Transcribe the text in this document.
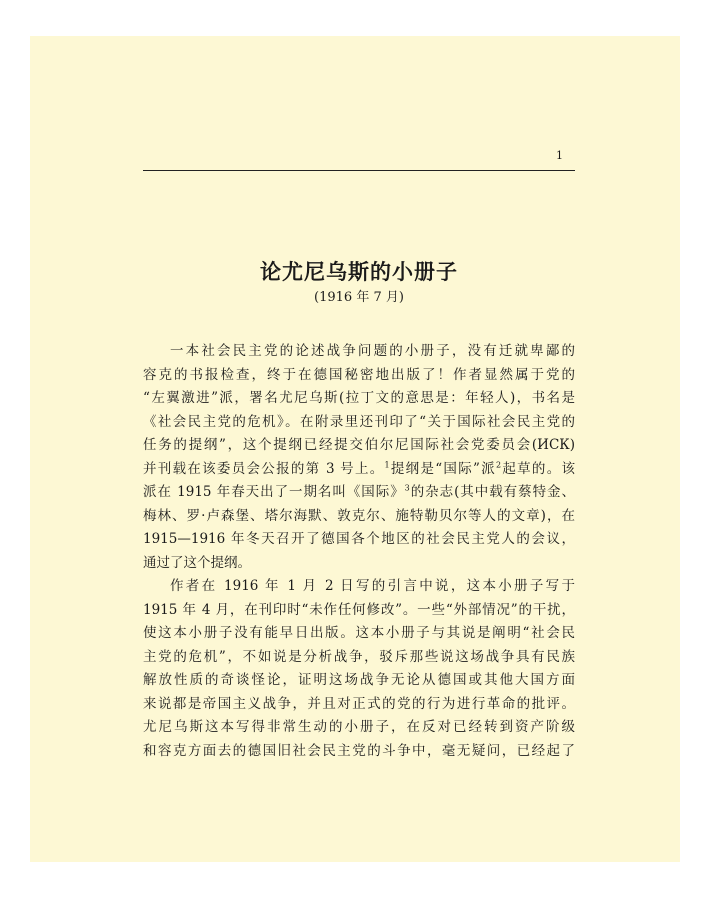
1
论尤尼乌斯的小册子
(1916 年 7 月)
一本社会民主党的论述战争问题的小册子，没有迁就卑鄙的
容克的书报检查，终于在德国秘密地出版了！作者显然属于党的
“左翼激进”派，署名尤尼乌斯(拉丁文的意思是：年轻人)，书名是
《社会民主党的危机》。在附录里还刊印了“关于国际社会民主党的
任务的提纲”，这个提纲已经提交伯尔尼国际社会党委员会(ИСК)
并刊载在该委员会公报的第 3 号上。$^1$提纲是“国际”派$^2$起草的。该
派在 1915 年春天出了一期名叫《国际》$^3$的杂志(其中载有蔡特金、
梅林、罗·卢森堡、塔尔海默、敦克尔、施特勒贝尔等人的文章)，在
1915—1916 年冬天召开了德国各个地区的社会民主党人的会议，
通过了这个提纲。
作者在 1916 年 1 月 2 日写的引言中说，这本小册子写于
1915 年 4 月，在刊印时“未作任何修改”。一些“外部情况”的干扰，
使这本小册子没有能早日出版。这本小册子与其说是阐明“社会民
主党的危机”，不如说是分析战争，驳斥那些说这场战争具有民族
解放性质的奇谈怪论，证明这场战争无论从德国或其他大国方面
来说都是帝国主义战争，并且对正式的党的行为进行革命的批评。
尤尼乌斯这本写得非常生动的小册子，在反对已经转到资产阶级
和容克方面去的德国旧社会民主党的斗争中，毫无疑问，已经起了
